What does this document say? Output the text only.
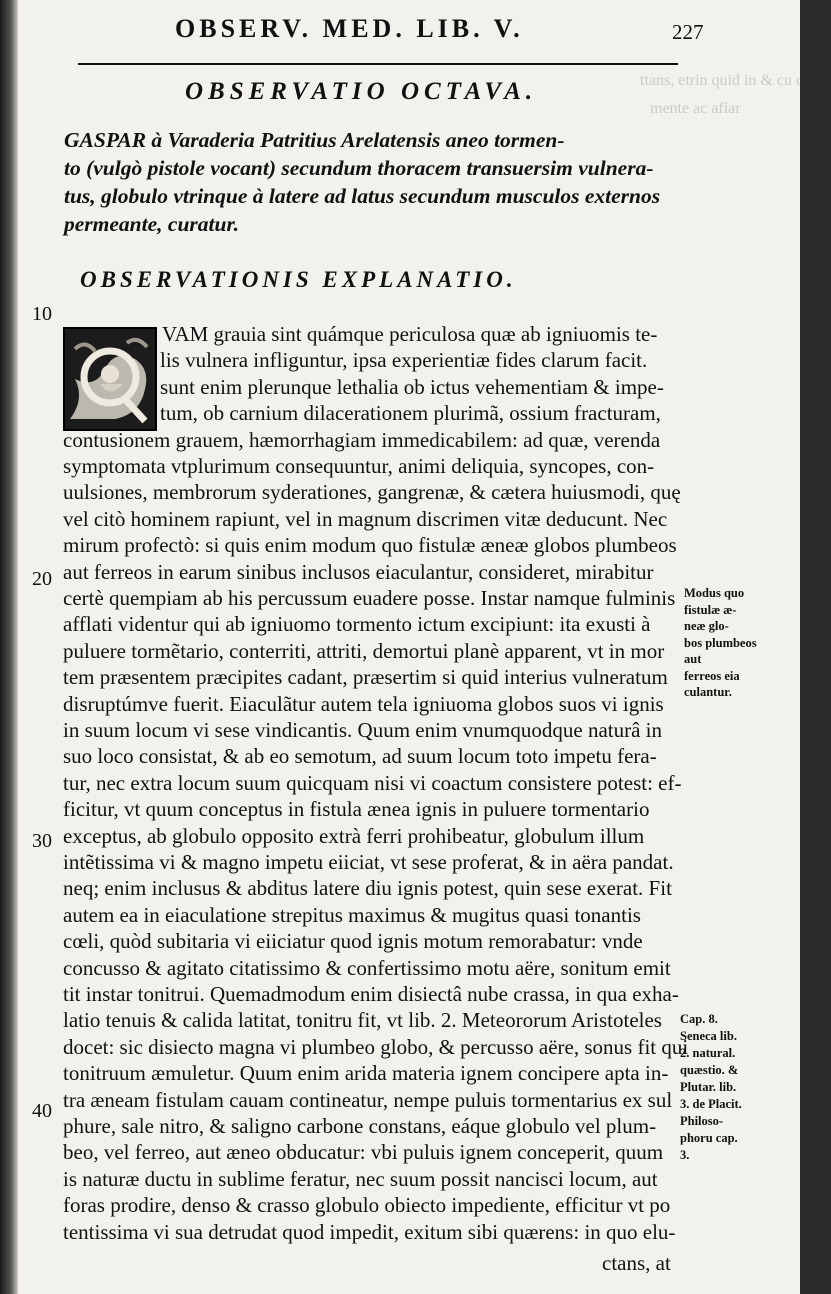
ttans, etrin quid in & cu caura
mente ac afiar
OBSERV. MED. LIB. V.	227
OBSERVATIO OCTAVA.
GASPAR à Varaderia Patritius Arelatensis aneo tormen-
to (vulgò pistole vocant) secundum thoracem transuersim vulnera-
tus, globulo vtrinque à latere ad latus secundum musculos externos
permeante, curatur.
OBSERVATIONIS EXPLANATIO.
10
20
30
40
VAM grauia sint quámque periculosa quæ ab igniuomis te-
lis vulnera infliguntur, ipsa experientiæ fides clarum facit.
sunt enim plerunque lethalia ob ictus vehementiam & impe-
tum, ob carnium dilacerationem plurimã, ossium fracturam,
contusionem grauem, hæmorrhagiam immedicabilem: ad quæ, verenda
symptomata vtplurimum consequuntur, animi deliquia, syncopes, con-
uulsiones, membrorum syderationes, gangrenæ, & cætera huiusmodi, quę
vel citò hominem rapiunt, vel in magnum discrimen vitæ deducunt. Nec
mirum profectò: si quis enim modum quo fistulæ æneæ globos plumbeos
aut ferreos in earum sinibus inclusos eiaculantur, consideret, mirabitur
certè quempiam ab his percussum euadere posse. Instar namque fulminis
afflati videntur qui ab igniuomo tormento ictum excipiunt: ita exusti à
puluere tormẽtario, conterriti, attriti, demortui planè apparent, vt in mor
tem præsentem præcipites cadant, præsertim si quid interius vulneratum
disruptúmve fuerit. Eiaculãtur autem tela igniuoma globos suos vi ignis
in suum locum vi sese vindicantis. Quum enim vnumquodque naturâ in
suo loco consistat, & ab eo semotum, ad suum locum toto impetu fera-
tur, nec extra locum suum quicquam nisi vi coactum consistere potest: ef-
ficitur, vt quum conceptus in fistula ænea ignis in puluere tormentario
exceptus, ab globulo opposito extrà ferri prohibeatur, globulum illum
intẽtissima vi & magno impetu eiiciat, vt sese proferat, & in aëra pandat.
neq; enim inclusus & abditus latere diu ignis potest, quin sese exerat. Fit
autem ea in eiaculatione strepitus maximus & mugitus quasi tonantis
cœli, quòd subitaria vi eiiciatur quod ignis motum remorabatur: vnde
concusso & agitato citatissimo & confertissimo motu aëre, sonitum emit
tit instar tonitrui. Quemadmodum enim disiectâ nube crassa, in qua exha-
latio tenuis & calida latitat, tonitru fit, vt lib. 2. Meteororum Aristoteles
docet: sic disiecto magna vi plumbeo globo, & percusso aëre, sonus fit qui
tonitruum æmuletur. Quum enim arida materia ignem concipere apta in-
tra æneam fistulam cauam contineatur, nempe puluis tormentarius ex sul
phure, sale nitro, & saligno carbone constans, eáque globulo vel plum-
beo, vel ferreo, aut æneo obducatur: vbi puluis ignem conceperit, quum
is naturæ ductu in sublime feratur, nec suum possit nancisci locum, aut
foras prodire, denso & crasso globulo obiecto impediente, efficitur vt po
tentissima vi sua detrudat quod impedit, exitum sibi quærens: in quo elu-
ctans, at
Modus quo
fistulæ æ-
neæ glo-
bos plumbeos
aut
ferreos eia
culantur.
Cap. 8.
Seneca lib.
2. natural.
quæstio. &
Plutar. lib.
3. de Placit.
Philoso-
phoru cap.
3.
